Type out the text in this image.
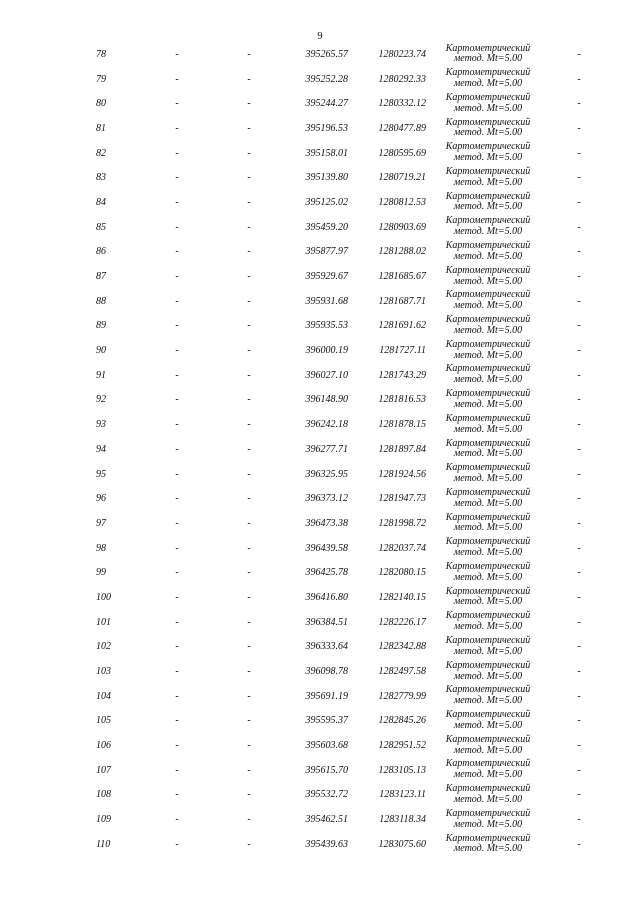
9
78	-	-	395265.57	1280223.74
Картометрический
метод. Mt=5.00	-
79	-	-	395252.28	1280292.33
Картометрический
метод. Mt=5.00	-
80	-	-	395244.27	1280332.12
Картометрический
метод. Mt=5.00	-
81	-	-	395196.53	1280477.89
Картометрический
метод. Mt=5.00	-
82	-	-	395158.01	1280595.69
Картометрический
метод. Mt=5.00	-
83	-	-	395139.80	1280719.21
Картометрический
метод. Mt=5.00	-
84	-	-	395125.02	1280812.53
Картометрический
метод. Mt=5.00	-
85	-	-	395459.20	1280903.69
Картометрический
метод. Mt=5.00	-
86	-	-	395877.97	1281288.02
Картометрический
метод. Mt=5.00	-
87	-	-	395929.67	1281685.67
Картометрический
метод. Mt=5.00	-
88	-	-	395931.68	1281687.71
Картометрический
метод. Mt=5.00	-
89	-	-	395935.53	1281691.62
Картометрический
метод. Mt=5.00	-
90	-	-	396000.19	1281727.11
Картометрический
метод. Mt=5.00	-
91	-	-	396027.10	1281743.29
Картометрический
метод. Mt=5.00	-
92	-	-	396148.90	1281816.53
Картометрический
метод. Mt=5.00	-
93	-	-	396242.18	1281878.15
Картометрический
метод. Mt=5.00	-
94	-	-	396277.71	1281897.84
Картометрический
метод. Mt=5.00	-
95	-	-	396325.95	1281924.56
Картометрический
метод. Mt=5.00	-
96	-	-	396373.12	1281947.73
Картометрический
метод. Mt=5.00	-
97	-	-	396473.38	1281998.72
Картометрический
метод. Mt=5.00	-
98	-	-	396439.58	1282037.74
Картометрический
метод. Mt=5.00	-
99	-	-	396425.78	1282080.15
Картометрический
метод. Mt=5.00	-
100	-	-	396416.80	1282140.15
Картометрический
метод. Mt=5.00	-
101	-	-	396384.51	1282226.17
Картометрический
метод. Mt=5.00	-
102	-	-	396333.64	1282342.88
Картометрический
метод. Mt=5.00	-
103	-	-	396098.78	1282497.58
Картометрический
метод. Mt=5.00	-
104	-	-	395691.19	1282779.99
Картометрический
метод. Mt=5.00	-
105	-	-	395595.37	1282845.26
Картометрический
метод. Mt=5.00	-
106	-	-	395603.68	1282951.52
Картометрический
метод. Mt=5.00	-
107	-	-	395615.70	1283105.13
Картометрический
метод. Mt=5.00	-
108	-	-	395532.72	1283123.11
Картометрический
метод. Mt=5.00	-
109	-	-	395462.51	1283118.34
Картометрический
метод. Mt=5.00	-
110	-	-	395439.63	1283075.60
Картометрический
метод. Mt=5.00	-
